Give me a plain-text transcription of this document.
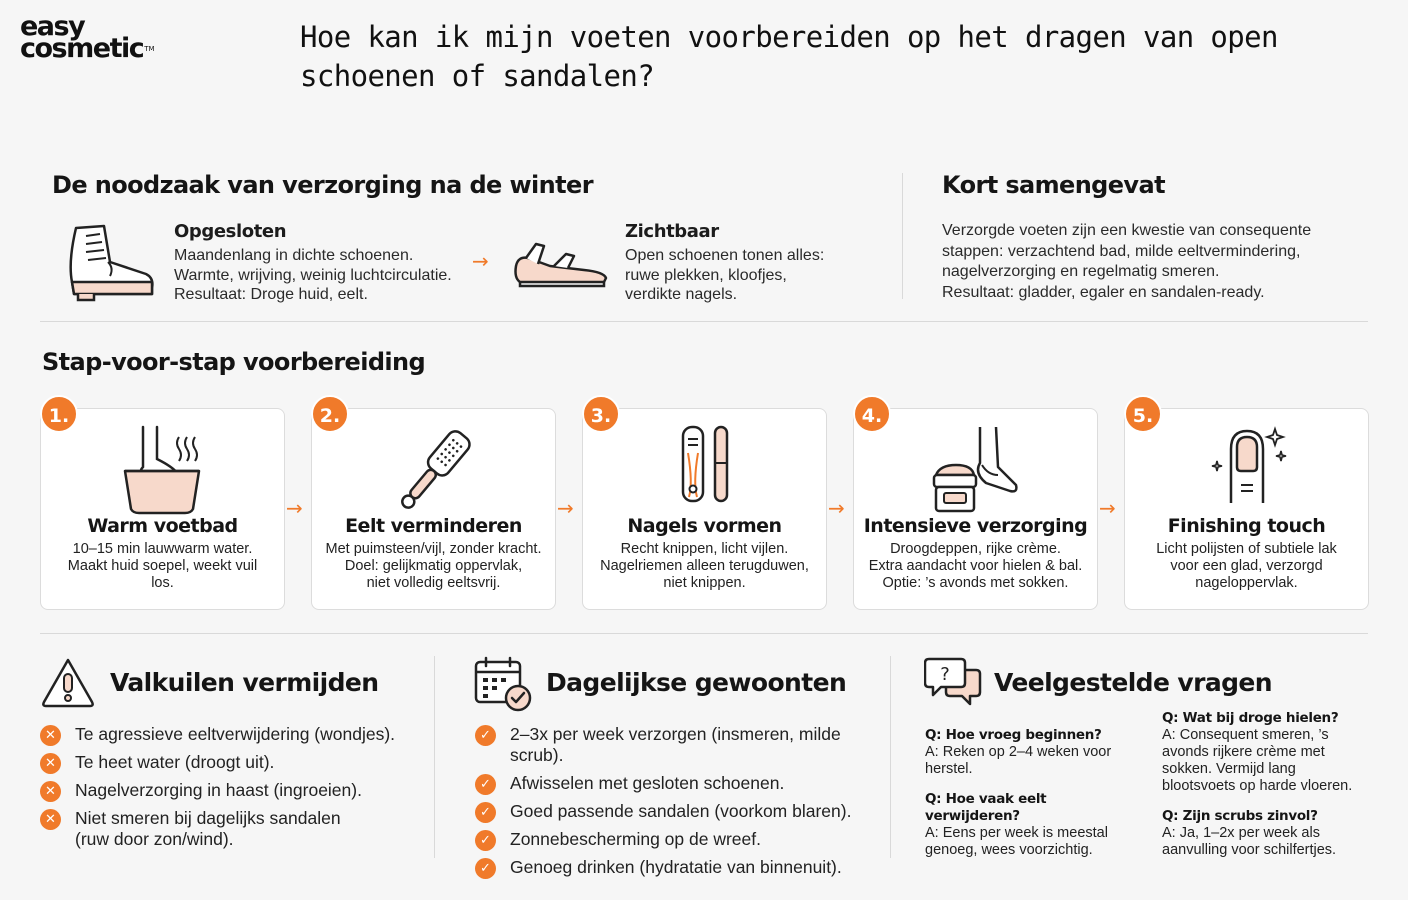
easy
cosmetic™	Hoe kan ik mijn voeten voorbereiden op het dragen van open schoenen of sandalen?
De noodzaak van verzorging na de winter
Opgesloten
Maandenlang in dichte schoenen.
Warmte, wrijving, weinig luchtcirculatie.
Resultaat: Droge huid, eelt.
→
Zichtbaar
Open schoenen tonen alles:
ruwe plekken, kloofjes,
verdikte nagels.
Kort samengevat
Verzorgde voeten zijn een kwestie van consequente
stappen: verzachtend bad, milde eeltvermindering,
nagelverzorging en regelmatig smeren.
Resultaat: gladder, egaler en sandalen-ready.
Stap-voor-stap voorbereiding
Warm voetbad
10–15 min lauwwarm water.
Maakt huid soepel, weekt vuil
los.
1.
→
Eelt verminderen
Met puimsteen/vijl, zonder kracht.
Doel: gelijkmatig oppervlak,
niet volledig eeltsvrij.
2.
→
Nagels vormen
Recht knippen, licht vijlen.
Nagelriemen alleen terugduwen,
niet knippen.
3.
→
Intensieve verzorging
Droogdeppen, rijke crème.
Extra aandacht voor hielen & bal.
Optie: ’s avonds met sokken.
4.
→
Finishing touch
Licht polijsten of subtiele lak
voor een glad, verzorgd
nageloppervlak.
5.
Valkuilen vermijden
✕ Te agressieve eeltverwijdering (wondjes).
✕ Te heet water (droogt uit).
✕ Nagelverzorging in haast (ingroeien).
✕ Niet smeren bij dagelijks sandalen
(ruw door zon/wind).
Dagelijkse gewoonten
✓ 2–3x per week verzorgen (insmeren, milde scrub).
✓ Afwisselen met gesloten schoenen.
✓ Goed passende sandalen (voorkom blaren).
✓ Zonnebescherming op de wreef.
✓ Genoeg drinken (hydratatie van binnenuit).
? Veelgestelde vragen
Q: Hoe vroeg beginnen?
A: Reken op 2–4 weken voor herstel.
Q: Hoe vaak eelt verwijderen?
A: Eens per week is meestal genoeg, wees voorzichtig.
Q: Wat bij droge hielen?
A: Consequent smeren, ’s avonds rijkere crème met sokken. Vermijd lang blootsvoets op harde vloeren.
Q: Zijn scrubs zinvol?
A: Ja, 1–2x per week als aanvulling voor schilfertjes.
